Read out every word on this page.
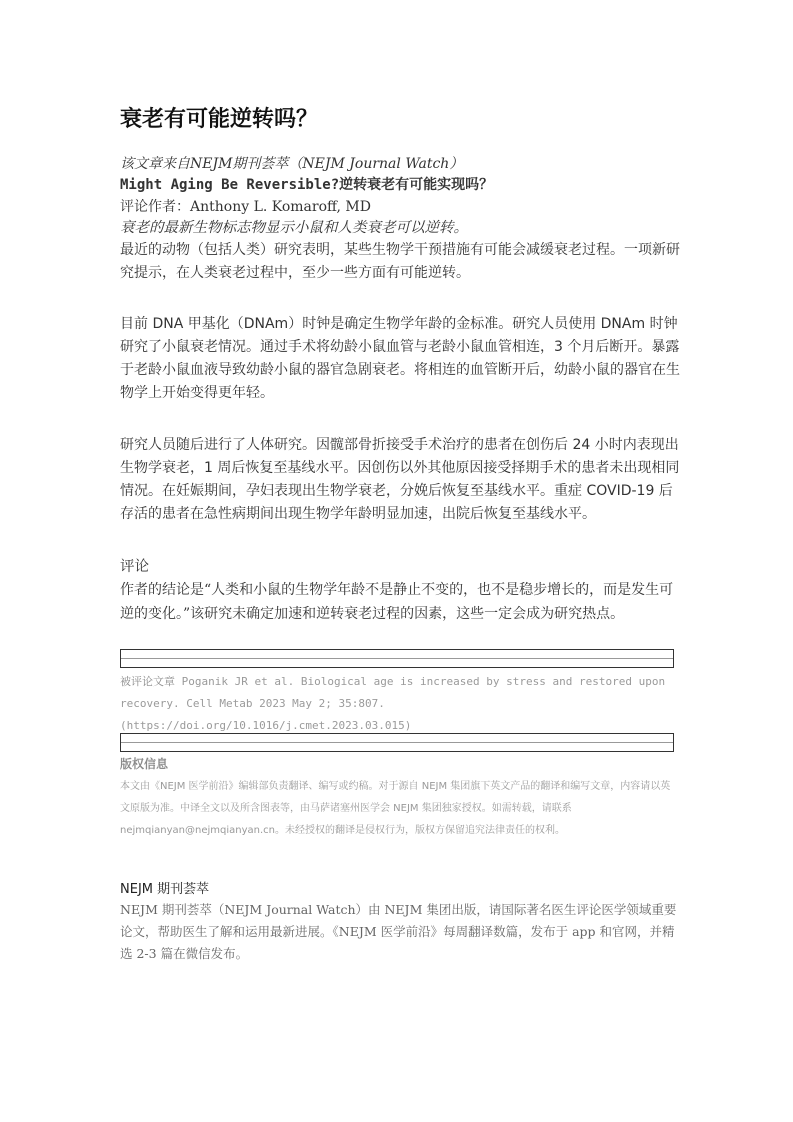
衰老有可能逆转吗？
该文章来自NEJM期刊荟萃（NEJM Journal Watch）
Might Aging Be Reversible?逆转衰老有可能实现吗？
评论作者：Anthony L. Komaroff, MD
衰老的最新生物标志物显示小鼠和人类衰老可以逆转。

最近的动物（包括人类）研究表明，某些生物学干预措施有可能会减缓衰老过程。一项新研究提示，在人类衰老过程中，至少一些方面有可能逆转。

目前 DNA 甲基化（DNAm）时钟是确定生物学年龄的金标准。研究人员使用 DNAm 时钟研究了小鼠衰老情况。通过手术将幼龄小鼠血管与老龄小鼠血管相连，3 个月后断开。暴露于老龄小鼠血液导致幼龄小鼠的器官急剧衰老。将相连的血管断开后，幼龄小鼠的器官在生物学上开始变得更年轻。

研究人员随后进行了人体研究。因髋部骨折接受手术治疗的患者在创伤后 24 小时内表现出生物学衰老，1 周后恢复至基线水平。因创伤以外其他原因接受择期手术的患者未出现相同情况。在妊娠期间，孕妇表现出生物学衰老，分娩后恢复至基线水平。重症 COVID-19 后存活的患者在急性病期间出现生物学年龄明显加速，出院后恢复至基线水平。

评论

作者的结论是“人类和小鼠的生物学年龄不是静止不变的，也不是稳步增长的，而是发生可逆的变化。”该研究未确定加速和逆转衰老过程的因素，这些一定会成为研究热点。

被评论文章 Poganik JR et al. Biological age is increased by stress and restored upon recovery. Cell Metab 2023 May 2; 35:807. (https://doi.org/10.1016/j.cmet.2023.03.015)
版权信息
本文由《NEJM 医学前沿》编辑部负责翻译、编写或约稿。对于源自 NEJM 集团旗下英文产品的翻译和编写文章，内容请以英文原版为准。中译全文以及所含图表等，由马萨诸塞州医学会 NEJM 集团独家授权。如需转载，请联系 nejmqianyan@nejmqianyan.cn。未经授权的翻译是侵权行为，版权方保留追究法律责任的权利。
NEJM 期刊荟萃
NEJM 期刊荟萃（NEJM Journal Watch）由 NEJM 集团出版，请国际著名医生评论医学领域重要论文，帮助医生了解和运用最新进展。《NEJM 医学前沿》每周翻译数篇，发布于 app 和官网，并精选 2-3 篇在微信发布。
